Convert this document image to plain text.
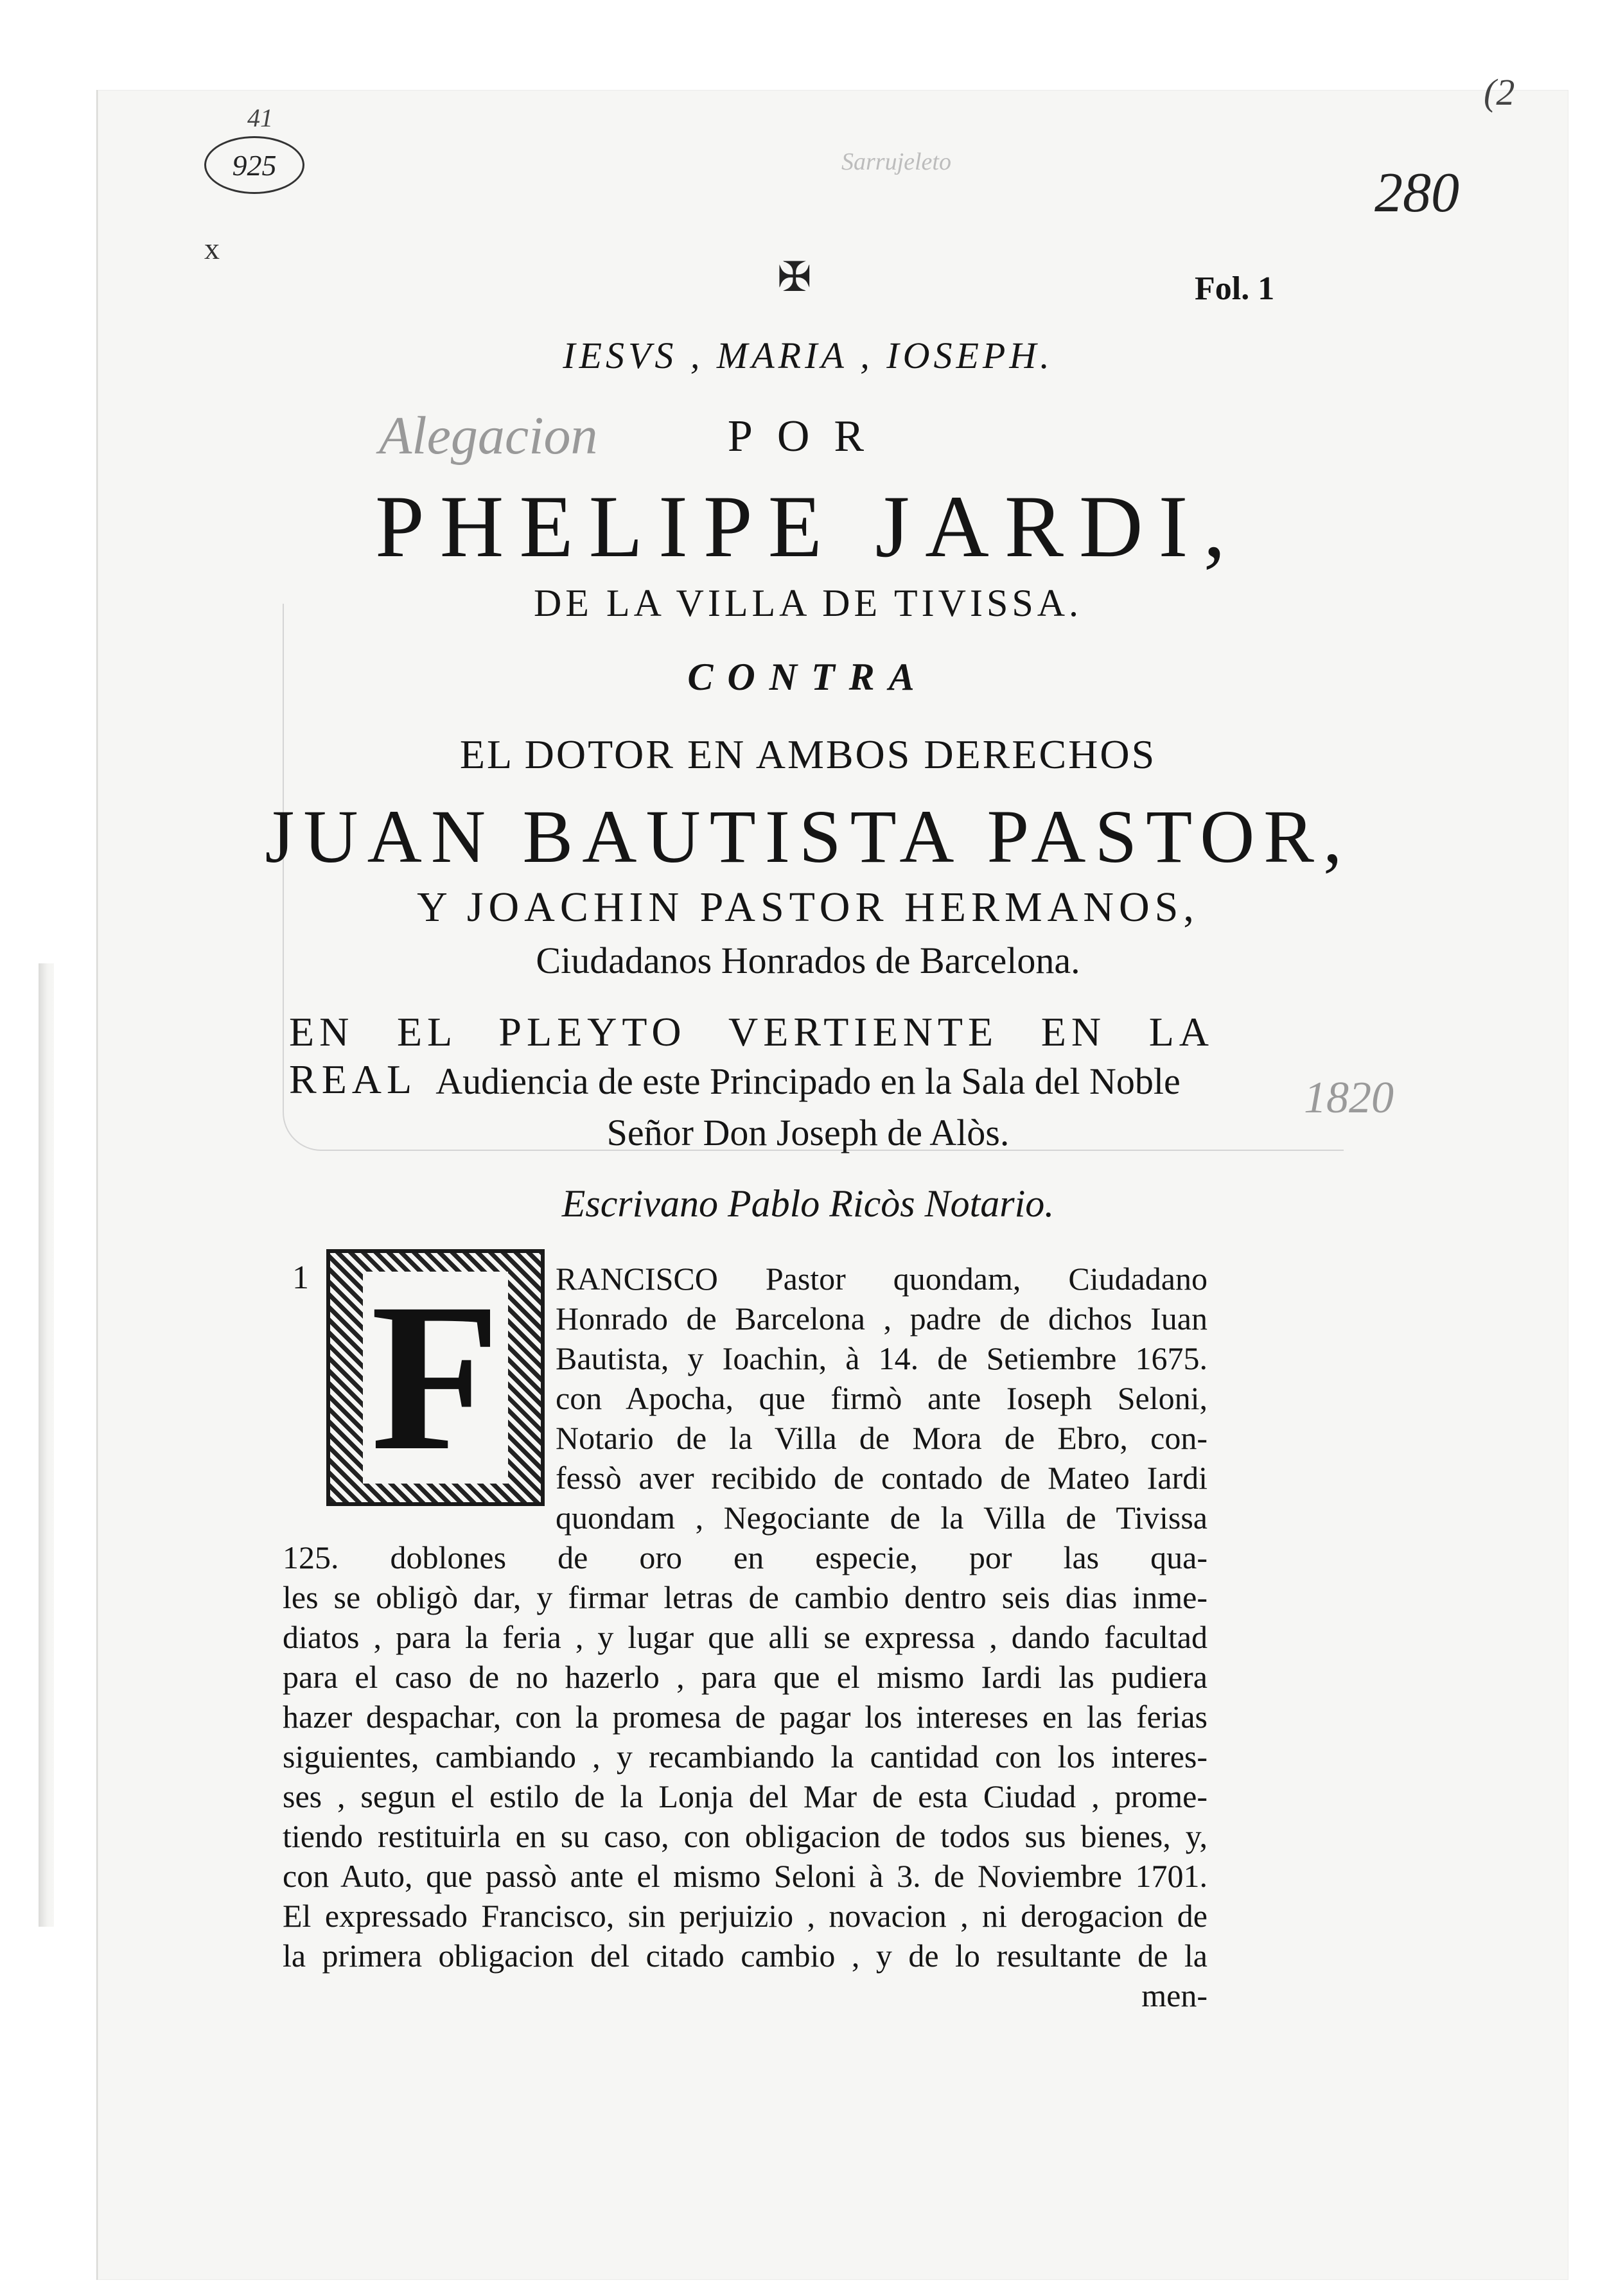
(2
41
925	Sarrujeleto	280
x
✠	Fol. 1
1820
IESVS , MARIA , IOSEPH.
Alegacion	POR
PHELIPE JARDI,
DE LA VILLA DE TIVISSA.
CONTRA
EL DOTOR EN AMBOS DERECHOS
JUAN BAUTISTA PASTOR,
Y JOACHIN PASTOR HERMANOS,
Ciudadanos Honrados de Barcelona.
EN EL PLEYTO VERTIENTE EN LA REAL Audiencia de este Principado en la Sala del Noble
Señor Don Joseph de Alòs.
Escrivano Pablo Ricòs Notario.
1 F RANCISCO Pastor quondam, Ciudadano
Honrado de Barcelona , padre de dichos Iuan
Bautista, y Ioachin, à 14. de Setiembre 1675.
con Apocha, que firmò ante Ioseph Seloni,
Notario de la Villa de Mora de Ebro, con-
fessò aver recibido de contado de Mateo Iardi
quondam , Negociante de la Villa de Tivissa
125. doblones de oro en especie, por las qua-
les se obligò dar, y firmar letras de cambio dentro seis dias inme-
diatos , para la feria , y lugar que alli se expressa , dando facultad
para el caso de no hazerlo , para que el mismo Iardi las pudiera
hazer despachar, con la promesa de pagar los intereses en las ferias
siguientes, cambiando , y recambiando la cantidad con los interes-
ses , segun el estilo de la Lonja del Mar de esta Ciudad , prome-
tiendo restituirla en su caso, con obligacion de todos sus bienes, y,
con Auto, que passò ante el mismo Seloni à 3. de Noviembre 1701.
El expressado Francisco, sin perjuizio , novacion , ni derogacion de
la primera obligacion del citado cambio , y de lo resultante de la
men-
